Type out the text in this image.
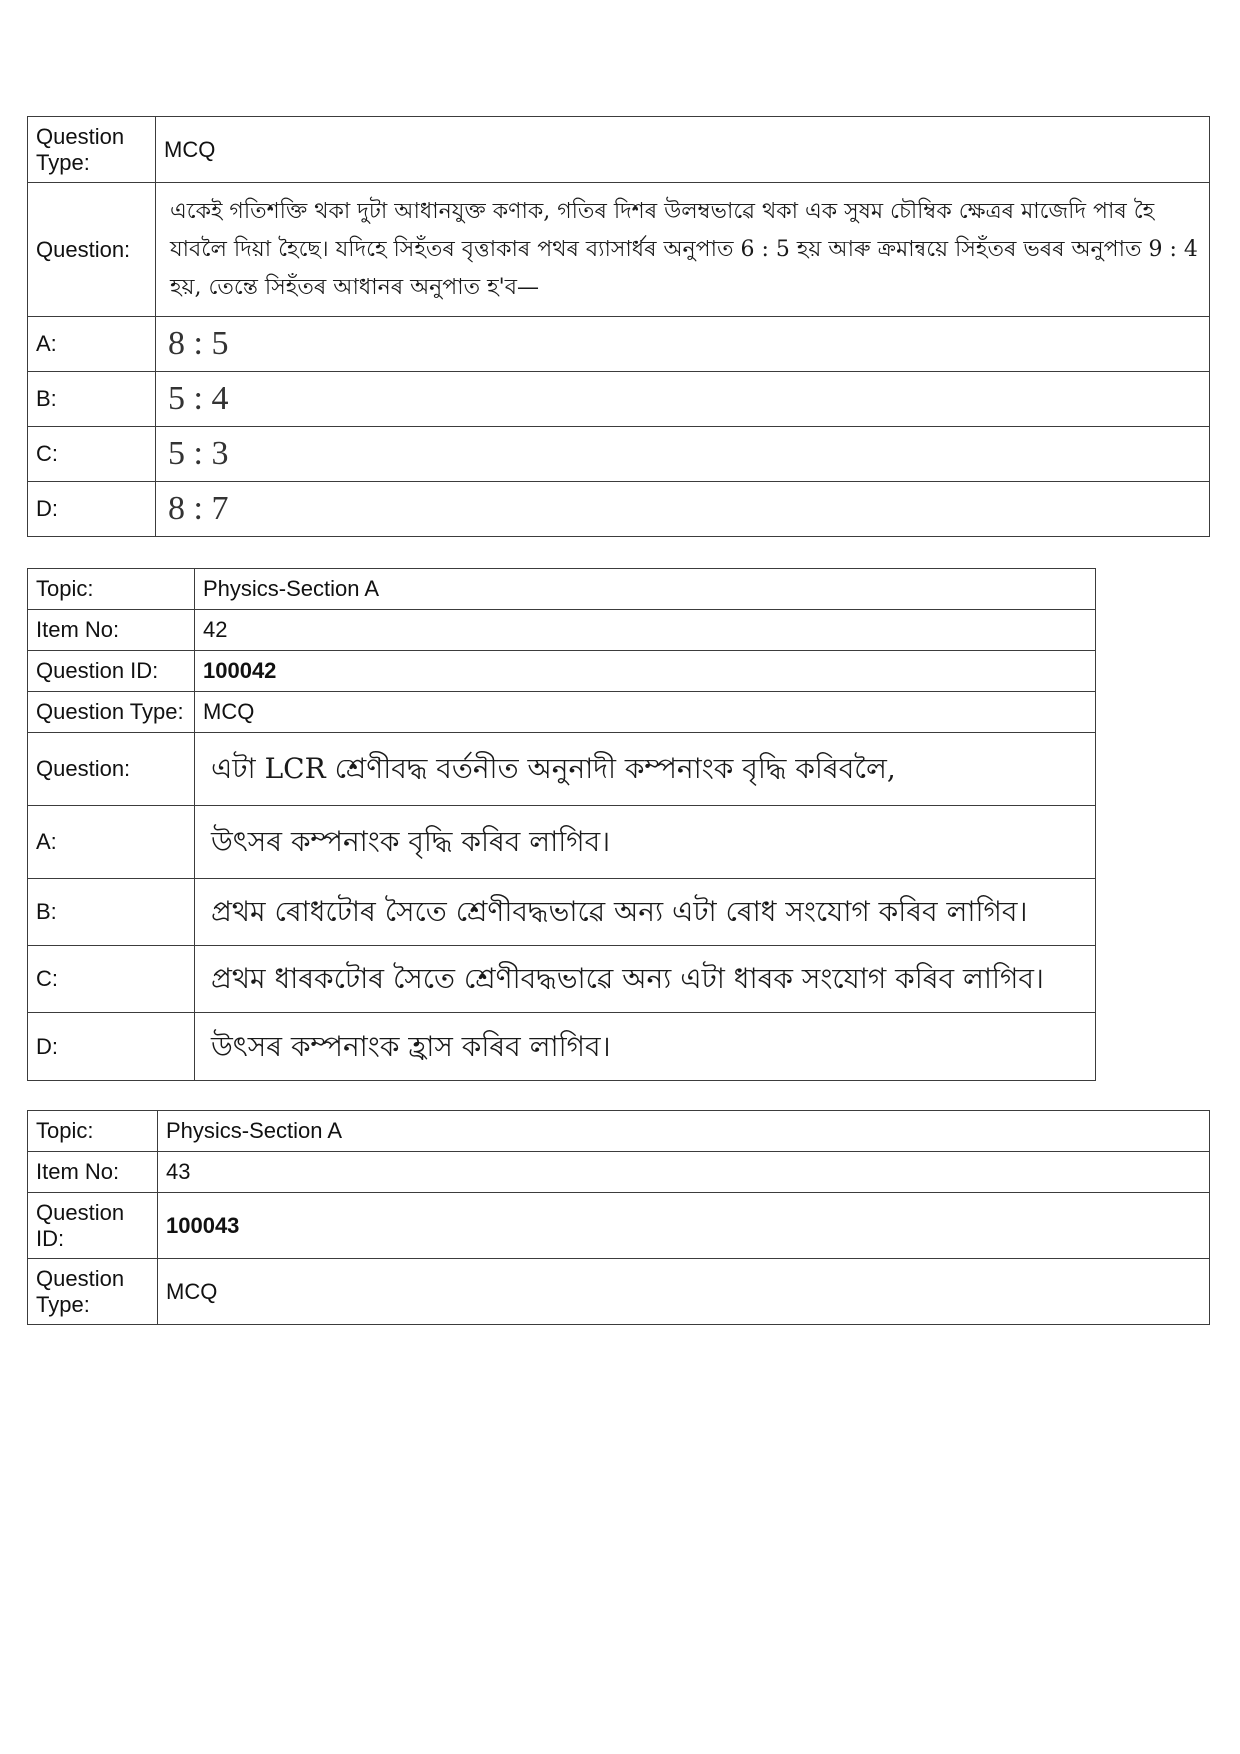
Question Type:	MCQ
Question:	একেই গতিশক্তি থকা দুটা আধানযুক্ত কণাক, গতিৰ দিশৰ উলম্বভাৱে থকা এক সুষম চৌম্বিক ক্ষেত্ৰৰ মাজেদি পাৰ হৈ যাবলৈ দিয়া হৈছে। যদিহে সিহঁতৰ বৃত্তাকাৰ পথৰ ব্যাসাৰ্ধৰ অনুপাত 6 : 5 হয় আৰু ক্ৰমান্বয়ে সিহঁতৰ ভৰৰ অনুপাত 9 : 4 হয়, তেন্তে সিহঁতৰ আধানৰ অনুপাত হ'ব—
A:	8 : 5
B:	5 : 4
C:	5 : 3
D:	8 : 7
Topic:	Physics-Section A
Item No:	42
Question ID:	100042
Question Type:	MCQ
Question:	এটা LCR শ্ৰেণীবদ্ধ বৰ্তনীত অনুনাদী কম্পনাংক বৃদ্ধি কৰিবলৈ,
A:	উৎসৰ কম্পনাংক বৃদ্ধি কৰিব লাগিব।
B:	প্ৰথম ৰোধটোৰ সৈতে শ্ৰেণীবদ্ধভাৱে অন্য এটা ৰোধ সংযোগ কৰিব লাগিব।
C:	প্ৰথম ধাৰকটোৰ সৈতে শ্ৰেণীবদ্ধভাৱে অন্য এটা ধাৰক সংযোগ কৰিব লাগিব।
D:	উৎসৰ কম্পনাংক হ্ৰাস কৰিব লাগিব।
Topic:	Physics-Section A
Item No:	43
Question ID:	100043
Question Type:	MCQ
